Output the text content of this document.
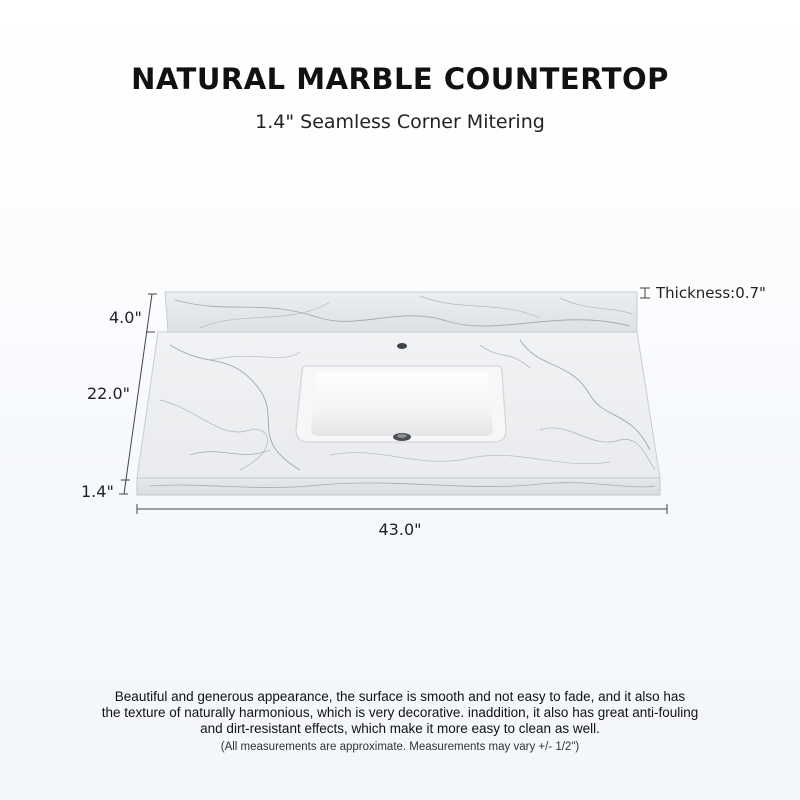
NATURAL MARBLE COUNTERTOP
1.4" Seamless Corner Mitering
4.0"
22.0"
1.4"
43.0"
Thickness:0.7"
Beautiful and generous appearance, the surface is smooth and not easy to fade, and it also has
the texture of naturally harmonious, which is very decorative. inaddition, it also has great anti-fouling
and dirt-resistant effects, which make it more easy to clean as well.
(All measurements are approximate. Measurements may vary +/- 1/2")
